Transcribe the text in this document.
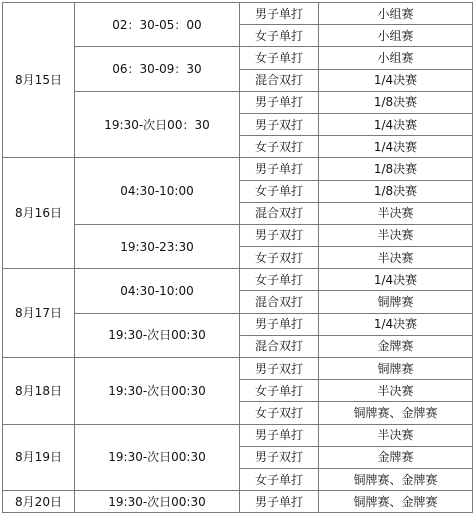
8月15日	02：30-05：00	男子单打	小组赛
		女子单打	小组赛
	06：30-09：30	女子单打	小组赛
		混合双打	1/4决赛
	19:30-次日00：30	男子单打	1/8决赛
		男子双打	1/4决赛
		女子双打	1/4决赛
8月16日	04:30-10:00	男子单打	1/8决赛
		女子单打	1/8决赛
		混合双打	半决赛
	19:30-23:30	男子双打	半决赛
		女子双打	半决赛
8月17日	04:30-10:00	女子单打	1/4决赛
		混合双打	铜牌赛
	19:30-次日00:30	男子单打	1/4决赛
		混合双打	金牌赛
8月18日	19:30-次日00:30	男子双打	铜牌赛
		女子单打	半决赛
		女子双打	铜牌赛、金牌赛
8月19日	19:30-次日00:30	男子单打	半决赛
		男子双打	金牌赛
		女子单打	铜牌赛、金牌赛
8月20日	19:30-次日00:30	男子单打	铜牌赛、金牌赛
